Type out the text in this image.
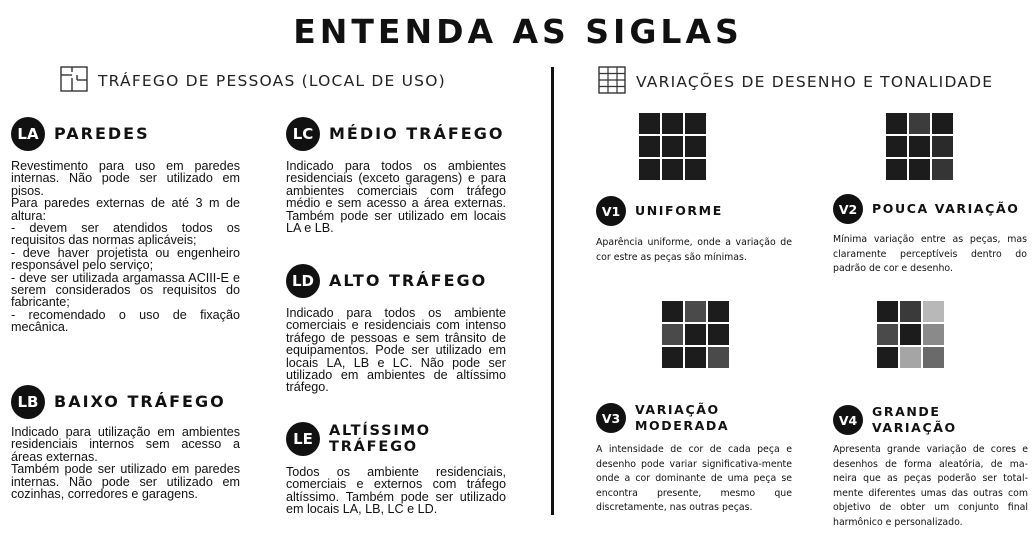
ENTENDA AS SIGLAS
TRÁFEGO DE PESSOAS (LOCAL DE USO)	VARIAÇÕES DE DESENHO E TONALIDADE
LA PAREDES
Revestimento para uso em paredes internas. Não pode ser utilizado em pisos.
Para paredes externas de até 3 m de altura:
- devem ser atendidos todos os requisitos das normas aplicáveis;
- deve haver projetista ou engenheiro responsável pelo serviço;
- deve ser utilizada argamassa ACIII-E e serem considerados os requisitos do fabricante;
- recomendado o uso de fixação mecânica.
LB BAIXO TRÁFEGO
Indicado para utilização em ambientes residenciais internos sem acesso a áreas externas.
Também pode ser utilizado em paredes internas. Não pode ser utilizado em cozinhas, corredores e garagens.
LC MÉDIO TRÁFEGO
Indicado para todos os ambientes residenciais (exceto garagens) e para ambientes comerciais com tráfego médio e sem acesso a área externas. Também pode ser utilizado em locais LA e LB.
LD ALTO TRÁFEGO
Indicado para todos os ambiente comerciais e residenciais com intenso tráfego de pessoas e sem trânsito de equipamentos. Pode ser utilizado em locais LA, LB e LC. Não pode ser utilizado em ambientes de altíssimo tráfego.
LE	ALTÍSSIMO
TRÁFEGO
Todos os ambiente residenciais, comerciais e externos com tráfego altíssimo. Também pode ser utilizado em locais LA, LB, LC e LD.
V1	UNIFORME
Aparência uniforme, onde a variação de cor estre as peças são mínimas.
V2	POUCA VARIAÇÃO
Mínima variação entre as peças, mas claramente perceptíveis dentro do padrão de cor e desenho.
V3
VARIAÇÃO
MODERADA
A intensidade de cor de cada peça e desenho pode variar significativa-mente onde a cor dominante de uma peça se encontra presente, mesmo que discretamente, nas outras peças.
V4
GRANDE
VARIAÇÃO
Apresenta grande variação de cores e desenhos de forma aleatória, de ma-neira que as peças poderão ser total-mente diferentes umas das outras com objetivo de obter um conjunto final harmônico e personalizado.
